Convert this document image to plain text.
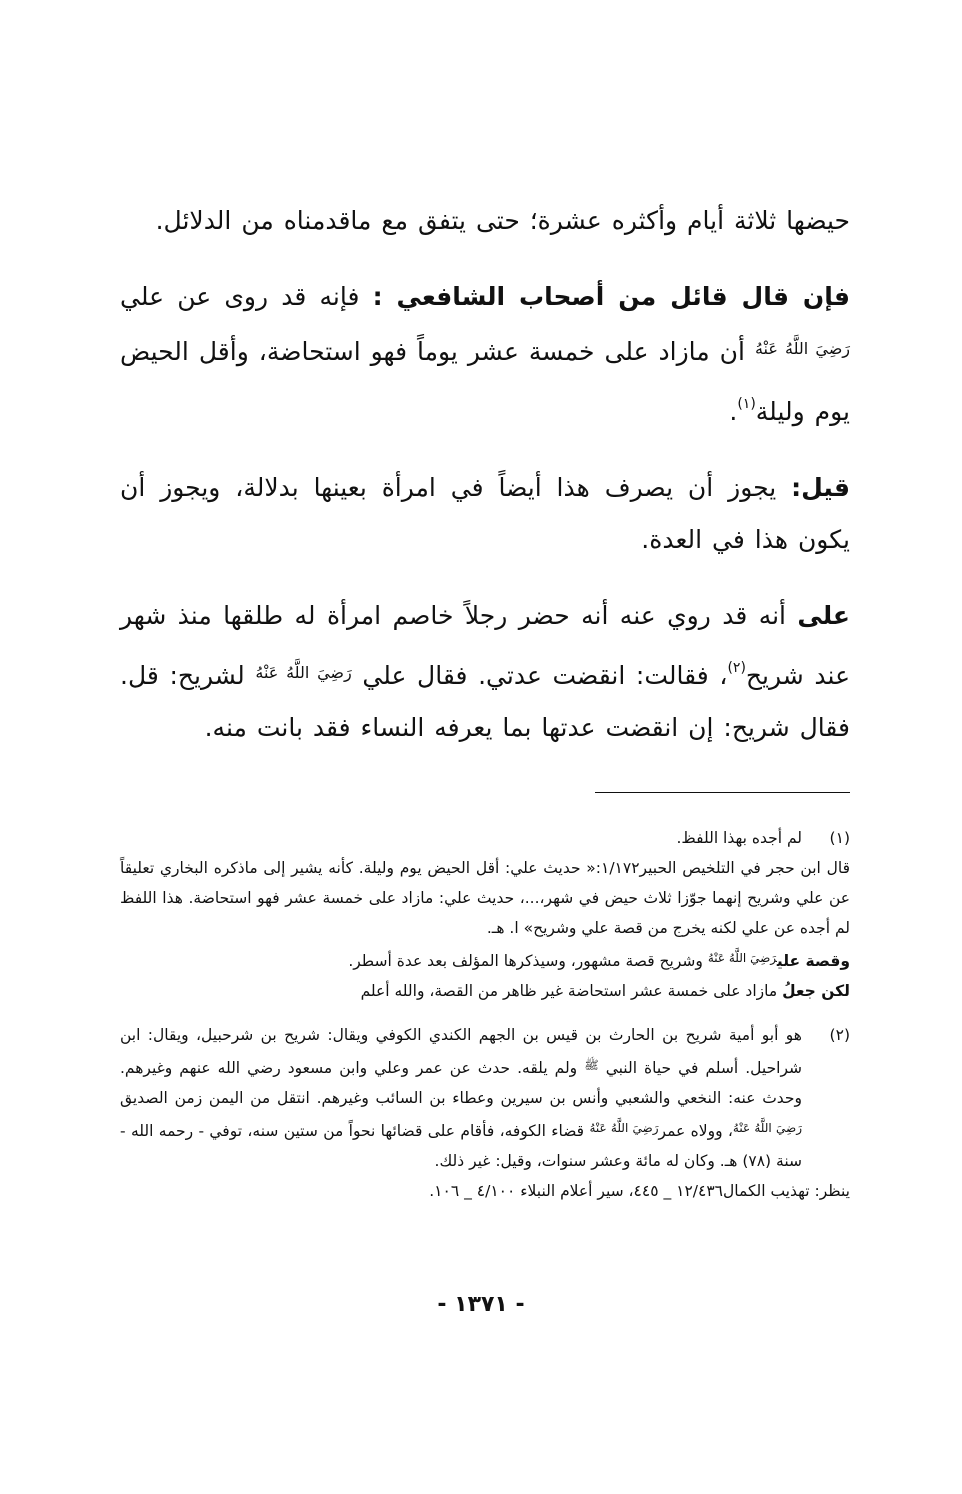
حيضها ثلاثة أيام وأكثره عشرة؛ حتى يتفق مع ماقدمناه من الدلائل.

فإن قال قائل من أصحاب الشافعي : فإنه قد روى عن علي $^{رَضِيَ اللَّهُ عَنْهُ}$ أن مازاد على خمسة عشر يوماً فهو استحاضة، وأقل الحيض يوم وليلة$^{(١)}$.

قيل: يجوز أن يصرف هذا أيضاً في امرأة بعينها بدلالة، ويجوز أن يكون هذا في العدة.

على أنه قد روي عنه أنه حضر رجلاً خاصم امرأة له طلقها منذ شهر عند شريح$^{(٢)}$، فقالت: انقضت عدتي. فقال علي $^{رَضِيَ اللَّهُ عَنْهُ}$ لشريح: قل. فقال شريح: إن انقضت عدتها بما يعرفه النساء فقد بانت منه.

(١)
لم أجده بهذا اللفظ.
قال ابن حجر في التلخيص الحبير١/١٧٢:« حديث علي: أقل الحيض يوم وليلة. كأنه يشير إلى ماذكره البخاري تعليقاً عن علي وشريح إنهما جوّزا ثلاث حيض في شهر،...، حديث علي: مازاد على خمسة عشر فهو استحاضة. هذا اللفظ لم أجده عن علي لكنه يخرج من قصة علي وشريح» ا. هـ.
وقصة علي$^{رَضِيَ اللَّهُ عَنْهُ}$ وشريح قصة مشهور، وسيذكرها المؤلف بعد عدة أسطر.
لكن جعلُ مازاد على خمسة عشر استحاضة غير ظاهر من القصة، والله أعلم
(٢)
هو أبو أمية شريح بن الحارث بن قيس بن الجهم الكندي الكوفي ويقال: شريح بن شرحبيل، ويقال: ابن شراحيل. أسلم في حياة النبي $^ﷺ$ ولم يلقه. حدث عن عمر وعلي وابن مسعود رضي الله عنهم وغيرهم. وحدث عنه: النخعي والشعبي وأنس بن سيرين وعطاء بن السائب وغيرهم. انتقل من اليمن زمن الصديق $^{رَضِيَ اللَّهُ عَنْهُ}$، وولاه عمر$^{رَضِيَ اللَّهُ عَنْهُ}$ قضاء الكوفه، فأقام على قضائها نحواً من ستين سنه، توفي - رحمه الله - سنة (٧٨) هـ. وكان له مائة وعشر سنوات، وقيل: غير ذلك.
ينظر: تهذيب الكمال١٢/٤٣٦ _ ٤٤٥، سير أعلام النبلاء ٤/١٠٠ _ ١٠٦.
- ١٣٧١ -
